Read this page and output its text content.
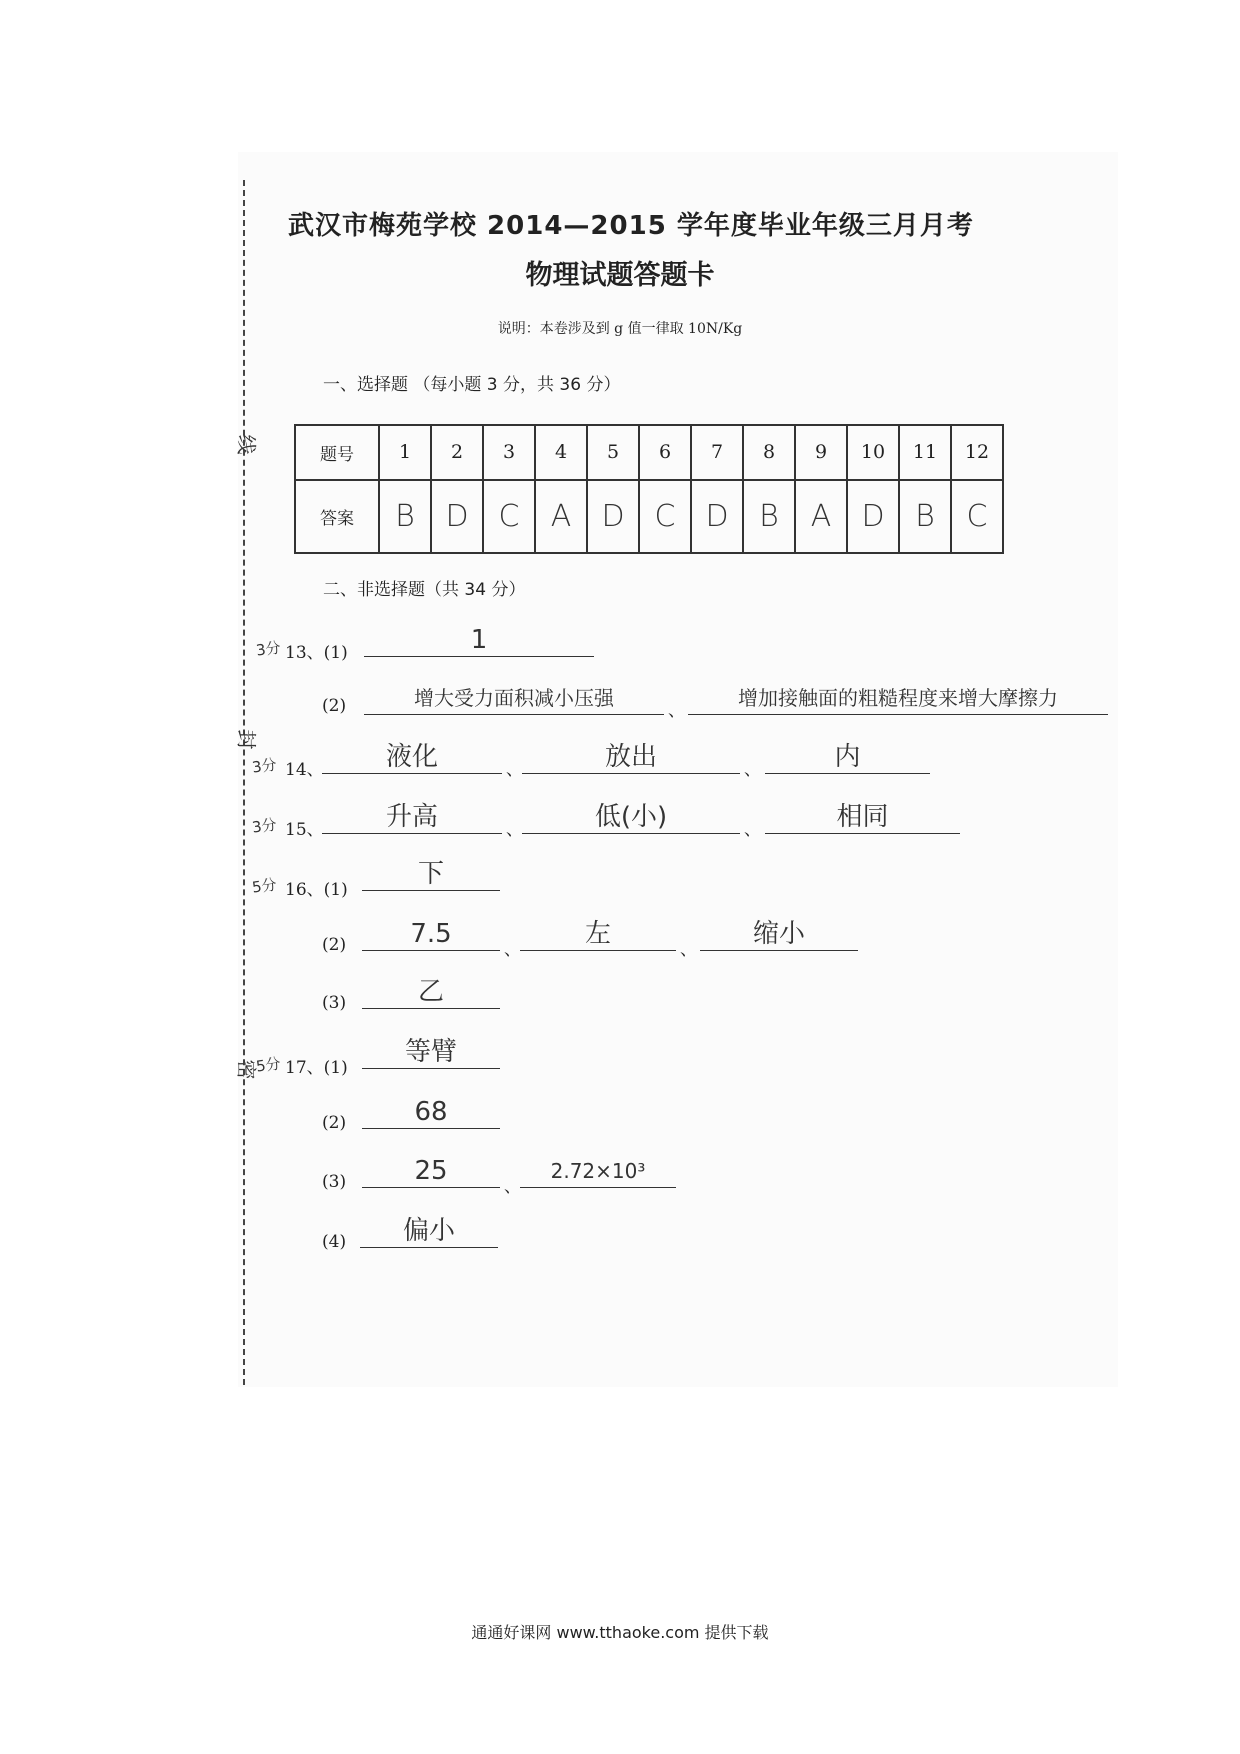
线
封
密
武汉市梅苑学校 2014—2015 学年度毕业年级三月月考
物理试题答题卡
说明：本卷涉及到 g 值一律取 10N/Kg
一、选择题 （每小题 3 分，共 36 分）
题号	1	2	3	4	5	6	7	8	9	10	11	12
答案	B	D	C	A	D	C	D	B	A	D	B	C
二、非选择题（共 34 分）
3分 13、(1)	1
(2)	增大受力面积减小压强
、
增加接触面的粗糙程度来增大摩擦力
3分 14、	液化	、	放出	、	内
3分 15、	升高	、	低(小)	、	相同
5分 16、(1)
下
(2)	7.5
、
左
、
缩小
(3)	乙
5分 17、(1)
等臂
(2)	68
(3)	25
、
2.72×10³
(4)	偏小
通通好课网 www.tthaoke.com 提供下载
